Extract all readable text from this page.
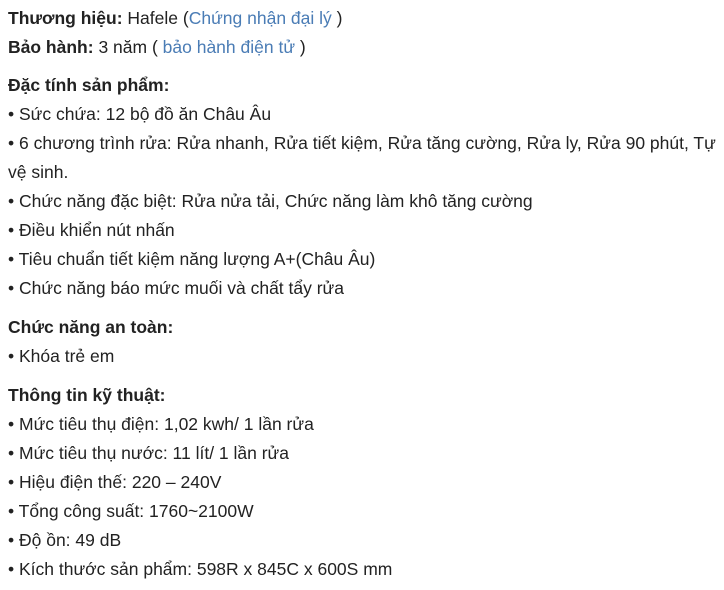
Thương hiệu: Hafele (Chứng nhận đại lý )
Bảo hành: 3 năm ( bảo hành điện tử )
Đặc tính sản phẩm:
• Sức chứa: 12 bộ đồ ăn Châu Âu
• 6 chương trình rửa: Rửa nhanh, Rửa tiết kiệm, Rửa tăng cường, Rửa ly, Rửa 90 phút, Tự vệ sinh.
• Chức năng đặc biệt: Rửa nửa tải, Chức năng làm khô tăng cường
• Điều khiển nút nhấn
• Tiêu chuẩn tiết kiệm năng lượng A+(Châu Âu)
• Chức năng báo mức muối và chất tẩy rửa
Chức năng an toàn:
• Khóa trẻ em
Thông tin kỹ thuật:
• Mức tiêu thụ điện: 1,02 kwh/ 1 lần rửa
• Mức tiêu thụ nước: 11 lít/ 1 lần rửa
• Hiệu điện thế: 220 – 240V
• Tổng công suất: 1760~2100W
• Độ ồn: 49 dB
• Kích thước sản phẩm: 598R x 845C x 600S mm
